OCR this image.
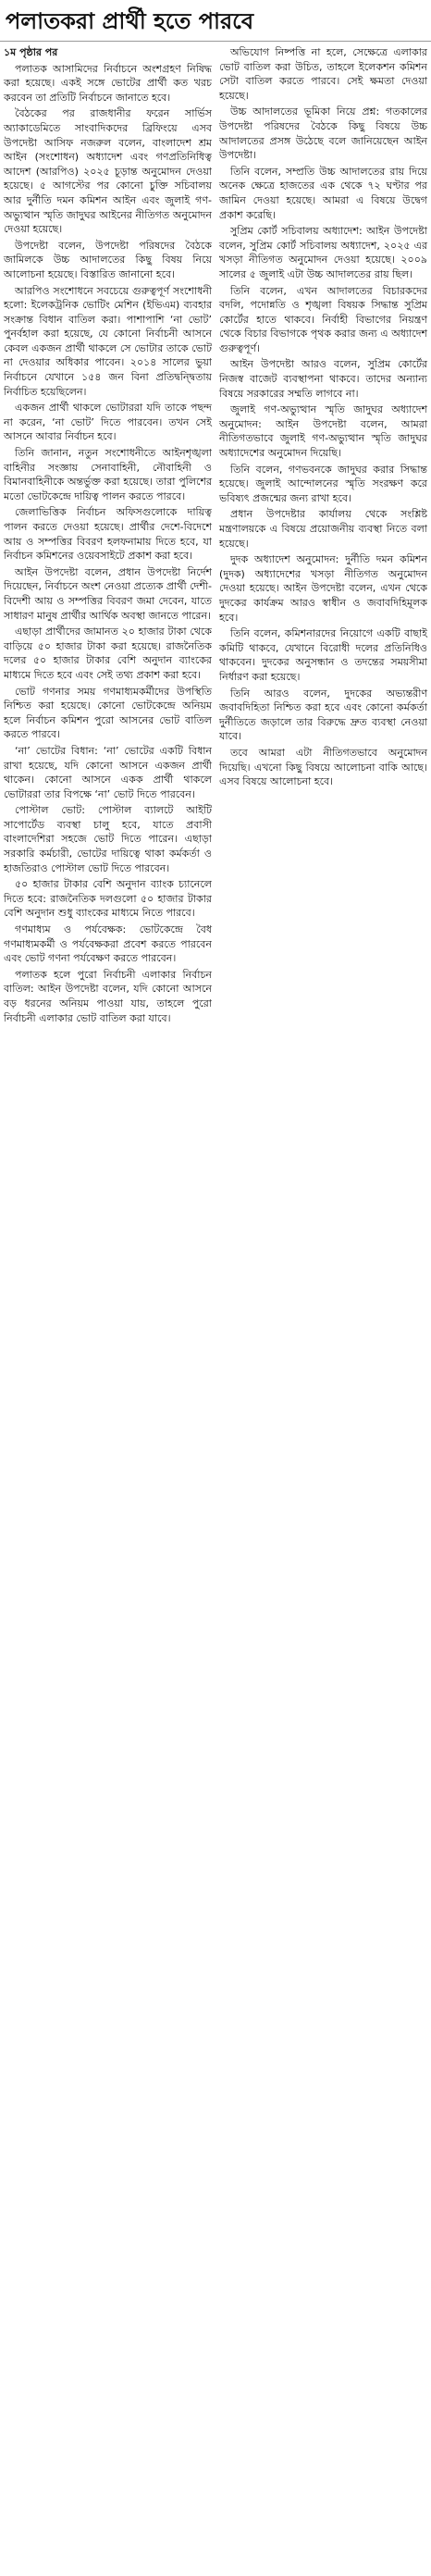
পলাতকরা প্রার্থী হতে পারবে
১ম পৃষ্ঠার পর

পলাতক আসামিদের নির্বাচনে অংশগ্রহণ নিষিদ্ধ করা হয়েছে। একই সঙ্গে ভোটের প্রার্থী কত খরচ করবেন তা প্রতিটি নির্বাচনে জানাতে হবে।

বৈঠকের পর রাজধানীর ফরেন সার্ভিস অ্যাকাডেমিতে সাংবাদিকদের ব্রিফিংয়ে এসব উপদেষ্টা আসিফ নজরুল বলেন, বাংলাদেশ শ্রম আইন (সংশোধন) অধ্যাদেশ এবং গণপ্রতিনিধিত্ব আদেশ (আরপিও) ২০২৫ চূড়ান্ত অনুমোদন দেওয়া হয়েছে। ৫ আগস্টের পর কোনো চুক্তি সচিবালয় আর দুর্নীতি দমন কমিশন আইন এবং জুলাই গণ-অভ্যুত্থান স্মৃতি জাদুঘর আইনের নীতিগত অনুমোদন দেওয়া হয়েছে।

উপদেষ্টা বলেন, উপদেষ্টা পরিষদের বৈঠকে জামিলকে উচ্চ আদালতের কিছু বিষয় নিয়ে আলোচনা হয়েছে। বিস্তারিত জানানো হবে।

আরপিও সংশোধনে সবচেয়ে গুরুত্বপূর্ণ সংশোধনী হলো: ইলেকট্রনিক ভোটিং মেশিন (ইভিএম) ব্যবহার সংক্রান্ত বিধান বাতিল করা। পাশাপাশি ‘না ভোট’ পুনর্বহাল করা হয়েছে, যে কোনো নির্বাচনী আসনে কেবল একজন প্রার্থী থাকলে সে ভোটার তাকে ভোট না দেওয়ার অধিকার পাবেন। ২০১৪ সালের ভুয়া নির্বাচনে যেখানে ১৫৪ জন বিনা প্রতিদ্বন্দ্বিতায় নির্বাচিত হয়েছিলেন।

একজন প্রার্থী থাকলে ভোটাররা যদি তাকে পছন্দ না করেন, ‘না ভোট’ দিতে পারবেন। তখন সেই আসনে আবার নির্বাচন হবে।

তিনি জানান, নতুন সংশোধনীতে আইনশৃঙ্খলা বাহিনীর সংজ্ঞায় সেনাবাহিনী, নৌবাহিনী ও বিমানবাহিনীকে অন্তর্ভুক্ত করা হয়েছে। তারা পুলিশের মতো ভোটকেন্দ্রে দায়িত্ব পালন করতে পারবে।

জেলাভিত্তিক নির্বাচন অফিসগুলোকে দায়িত্ব পালন করতে দেওয়া হয়েছে। প্রার্থীর দেশে-বিদেশে আয় ও সম্পত্তির বিবরণ হলফনামায় দিতে হবে, যা নির্বাচন কমিশনের ওয়েবসাইটে প্রকাশ করা হবে।

আইন উপদেষ্টা বলেন, প্রধান উপদেষ্টা নির্দেশ দিয়েছেন, নির্বাচনে অংশ নেওয়া প্রত্যেক প্রার্থী দেশী-বিদেশী আয় ও সম্পত্তির বিবরণ জমা দেবেন, যাতে সাধারণ মানুষ প্রার্থীর আর্থিক অবস্থা জানতে পারেন।

এছাড়া প্রার্থীদের জামানত ২০ হাজার টাকা থেকে বাড়িয়ে ৫০ হাজার টাকা করা হয়েছে। রাজনৈতিক দলের ৫০ হাজার টাকার বেশি অনুদান ব্যাংকের মাধ্যমে দিতে হবে এবং সেই তথ্য প্রকাশ করা হবে।

ভোট গণনার সময় গণমাধ্যমকর্মীদের উপস্থিতি নিশ্চিত করা হয়েছে। কোনো ভোটকেন্দ্রে অনিয়ম হলে নির্বাচন কমিশন পুরো আসনের ভোট বাতিল করতে পারবে।

‘না’ ভোটের বিধান: ‘না’ ভোটের একটি বিধান রাখা হয়েছে, যদি কোনো আসনে একজন প্রার্থী থাকেন। কোনো আসনে একক প্রার্থী থাকলে ভোটাররা তার বিপক্ষে ‘না’ ভোট দিতে পারবেন।

পোস্টাল ভোট: পোস্টাল ব্যালটে আইটি সাপোর্টেড ব্যবস্থা চালু হবে, যাতে প্রবাসী বাংলাদেশিরা সহজে ভোট দিতে পারেন। এছাড়া সরকারি কর্মচারী, ভোটের দায়িত্বে থাকা কর্মকর্তা ও হাজতিরাও পোস্টাল ভোট দিতে পারবেন।

৫০ হাজার টাকার বেশি অনুদান ব্যাংক চ্যানেলে দিতে হবে: রাজনৈতিক দলগুলো ৫০ হাজার টাকার বেশি অনুদান শুধু ব্যাংকের মাধ্যমে নিতে পারবে।

গণমাধ্যম ও পর্যবেক্ষক: ভোটকেন্দ্রে বৈধ গণমাধ্যমকর্মী ও পর্যবেক্ষকরা প্রবেশ করতে পারবেন এবং ভোট গণনা পর্যবেক্ষণ করতে পারবেন।

পলাতক হলে পুরো নির্বাচনী এলাকার নির্বাচন বাতিল: আইন উপদেষ্টা বলেন, যদি কোনো আসনে বড় ধরনের অনিয়ম পাওয়া যায়, তাহলে পুরো নির্বাচনী এলাকার ভোট বাতিল করা যাবে।

অভিযোগ নিষ্পত্তি না হলে, সেক্ষেত্রে এলাকার ভোট বাতিল করা উচিত, তাহলে ইলেকশন কমিশন সেটা বাতিল করতে পারবে। সেই ক্ষমতা দেওয়া হয়েছে।

উচ্চ আদালতের ভূমিকা নিয়ে প্রশ্ন: গতকালের উপদেষ্টা পরিষদের বৈঠকে কিছু বিষয়ে উচ্চ আদালতের প্রসঙ্গ উঠেছে বলে জানিয়েছেন আইন উপদেষ্টা।

তিনি বলেন, সম্প্রতি উচ্চ আদালতের রায় দিয়ে অনেক ক্ষেত্রে হাজতের এক থেকে ৭২ ঘণ্টার পর জামিন দেওয়া হয়েছে। আমরা এ বিষয়ে উদ্বেগ প্রকাশ করেছি।

সুপ্রিম কোর্ট সচিবালয় অধ্যাদেশ: আইন উপদেষ্টা বলেন, সুপ্রিম কোর্ট সচিবালয় অধ্যাদেশ, ২০২৫ এর খসড়া নীতিগত অনুমোদন দেওয়া হয়েছে। ২০০৯ সালের ৫ জুলাই এটা উচ্চ আদালতের রায় ছিল।

তিনি বলেন, এখন আদালতের বিচারকদের বদলি, পদোন্নতি ও শৃঙ্খলা বিষয়ক সিদ্ধান্ত সুপ্রিম কোর্টের হাতে থাকবে। নির্বাহী বিভাগের নিয়ন্ত্রণ থেকে বিচার বিভাগকে পৃথক করার জন্য এ অধ্যাদেশ গুরুত্বপূর্ণ।

আইন উপদেষ্টা আরও বলেন, সুপ্রিম কোর্টের নিজস্ব বাজেট ব্যবস্থাপনা থাকবে। তাদের অন্যান্য বিষয়ে সরকারের সম্মতি লাগবে না।

জুলাই গণ-অভ্যুত্থান স্মৃতি জাদুঘর অধ্যাদেশ অনুমোদন: আইন উপদেষ্টা বলেন, আমরা নীতিগতভাবে জুলাই গণ-অভ্যুত্থান স্মৃতি জাদুঘর অধ্যাদেশের অনুমোদন দিয়েছি।

তিনি বলেন, গণভবনকে জাদুঘর করার সিদ্ধান্ত হয়েছে। জুলাই আন্দোলনের স্মৃতি সংরক্ষণ করে ভবিষ্যৎ প্রজন্মের জন্য রাখা হবে।

প্রধান উপদেষ্টার কার্যালয় থেকে সংশ্লিষ্ট মন্ত্রণালয়কে এ বিষয়ে প্রয়োজনীয় ব্যবস্থা নিতে বলা হয়েছে।

দুদক অধ্যাদেশ অনুমোদন: দুর্নীতি দমন কমিশন (দুদক) অধ্যাদেশের খসড়া নীতিগত অনুমোদন দেওয়া হয়েছে। আইন উপদেষ্টা বলেন, এখন থেকে দুদকের কার্যক্রম আরও স্বাধীন ও জবাবদিহিমূলক হবে।

তিনি বলেন, কমিশনারদের নিয়োগে একটি বাছাই কমিটি থাকবে, যেখানে বিরোধী দলের প্রতিনিধিও থাকবেন। দুদকের অনুসন্ধান ও তদন্তের সময়সীমা নির্ধারণ করা হয়েছে।

তিনি আরও বলেন, দুদকের অভ্যন্তরীণ জবাবদিহিতা নিশ্চিত করা হবে এবং কোনো কর্মকর্তা দুর্নীতিতে জড়ালে তার বিরুদ্ধে দ্রুত ব্যবস্থা নেওয়া যাবে।

তবে আমরা এটা নীতিগতভাবে অনুমোদন দিয়েছি। এখনো কিছু বিষয়ে আলোচনা বাকি আছে। এসব বিষয়ে আলোচনা হবে।
